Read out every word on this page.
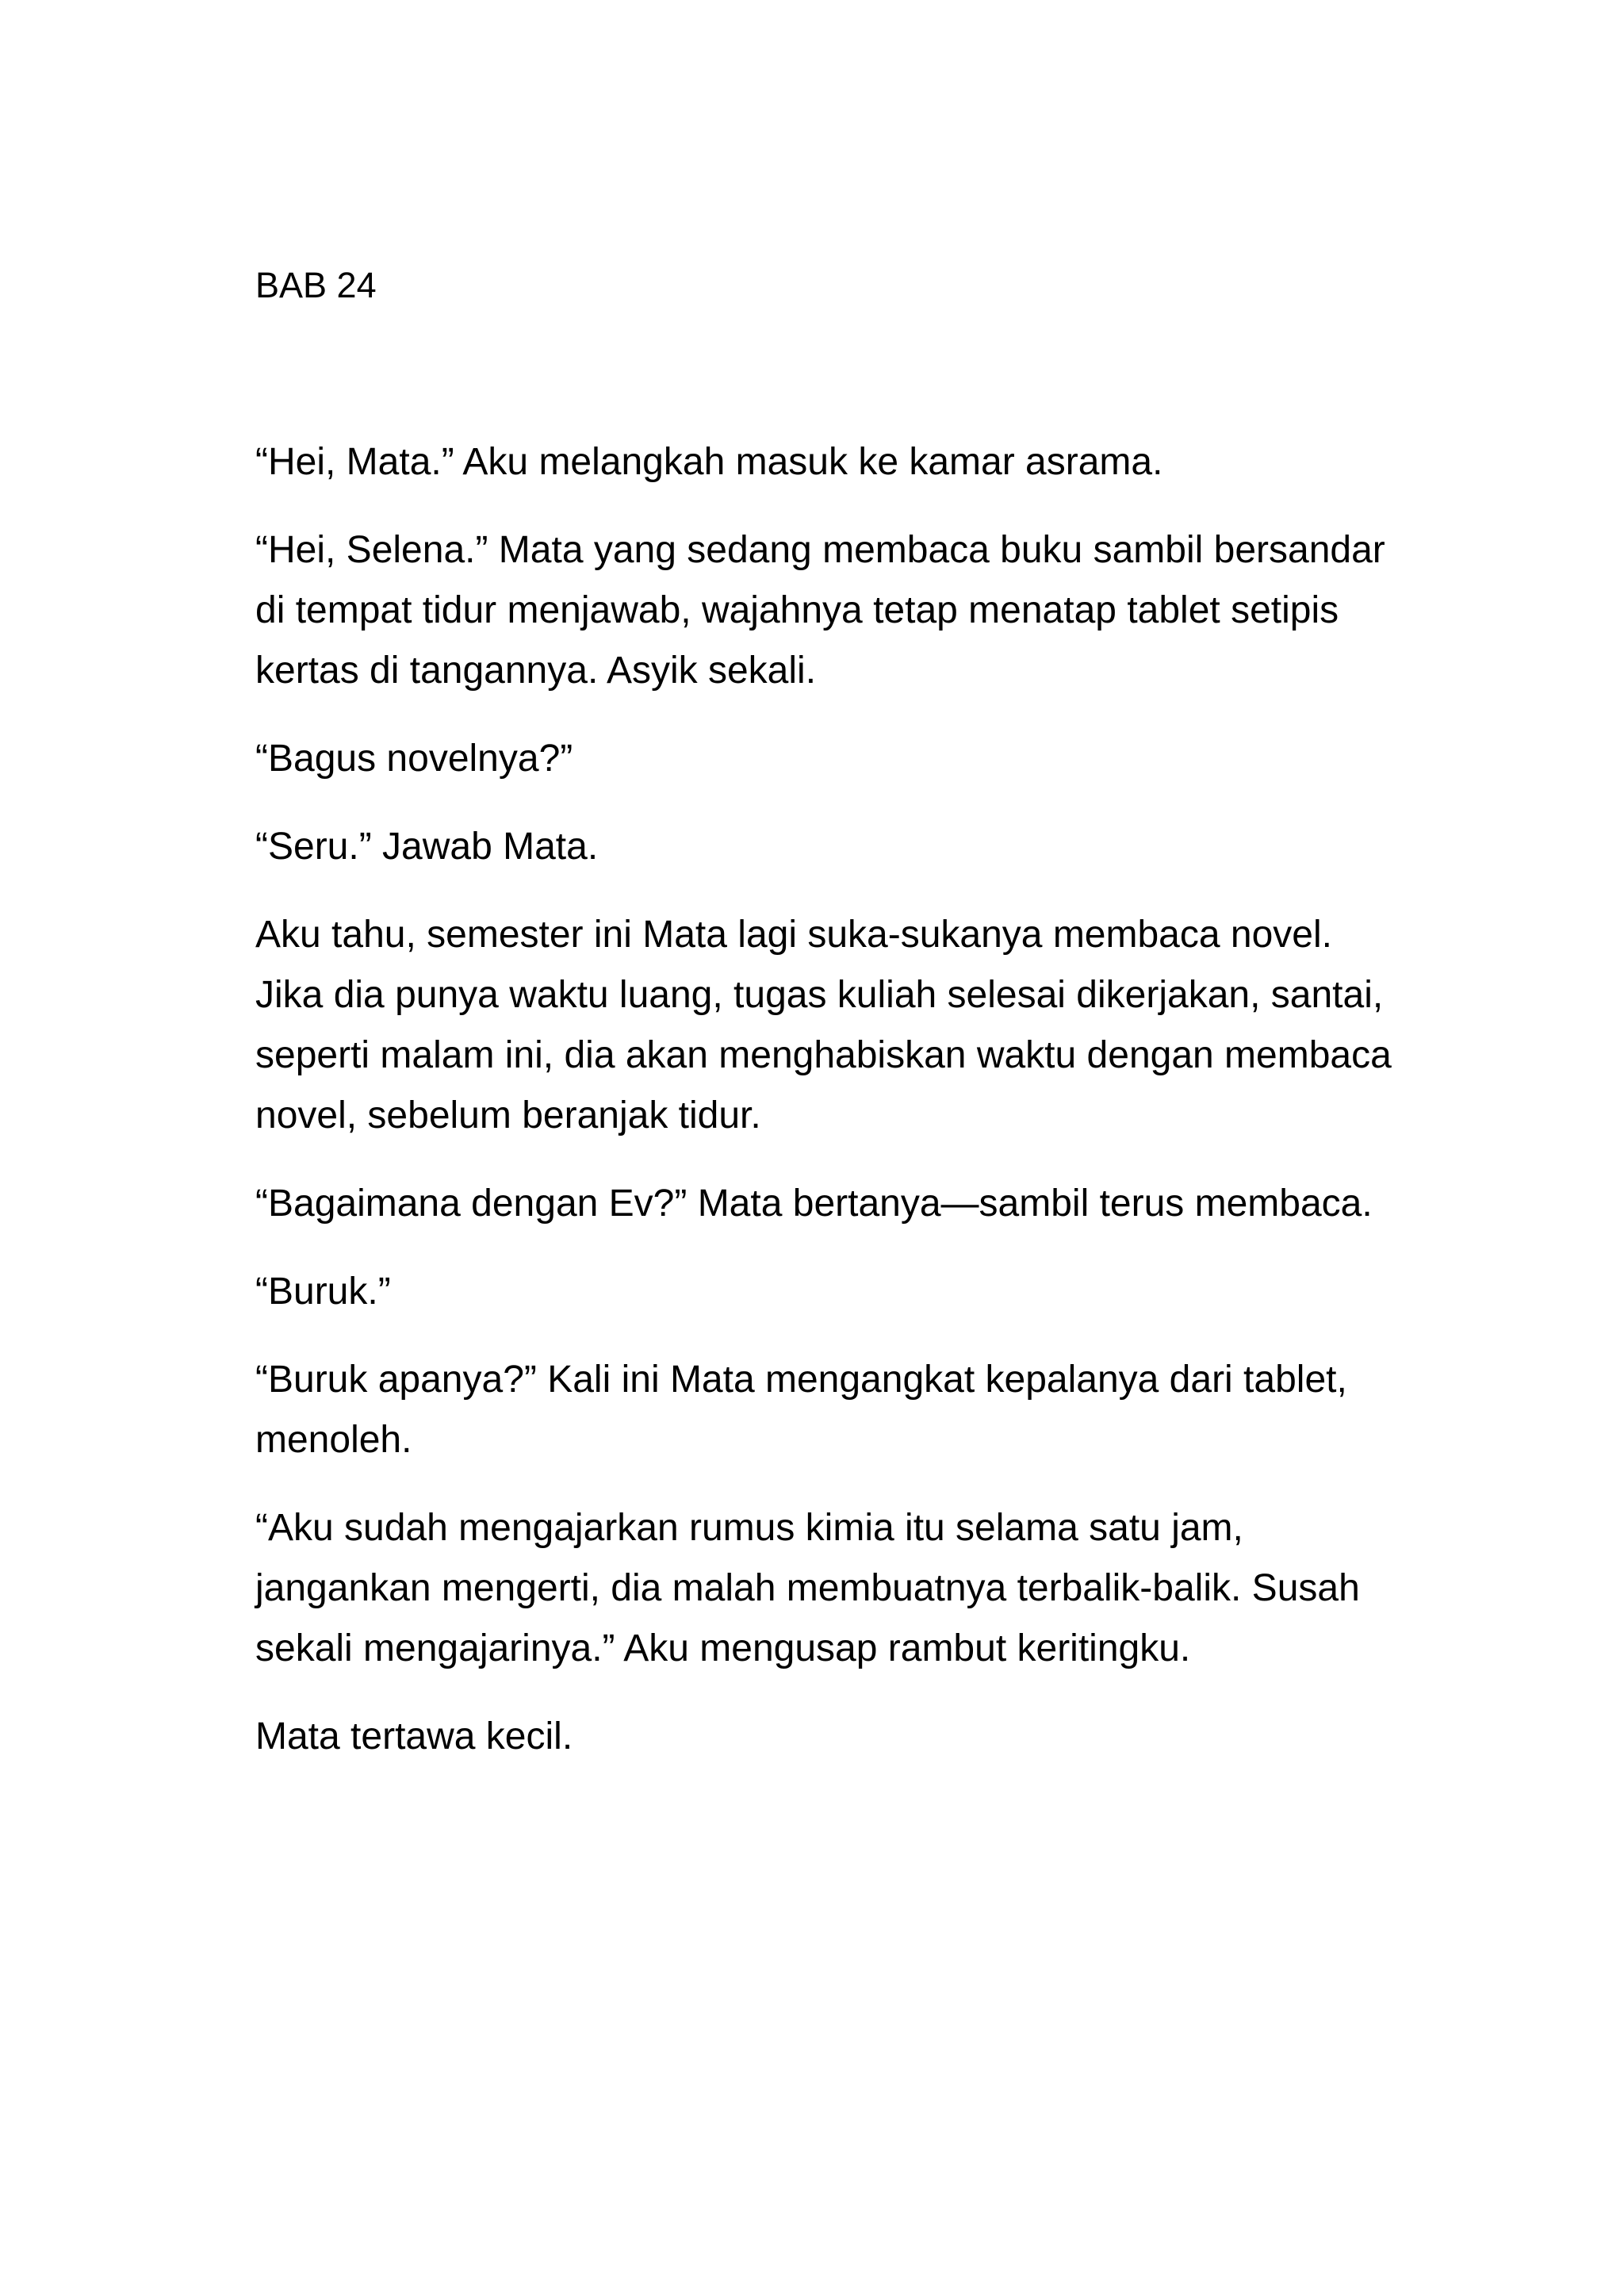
BAB 24

“Hei, Mata.” Aku melangkah masuk ke kamar asrama.

“Hei, Selena.” Mata yang sedang membaca buku sambil bersandar di tempat tidur menjawab, wajahnya tetap menatap tablet setipis kertas di tangannya. Asyik sekali.

“Bagus novelnya?”

“Seru.” Jawab Mata.

Aku tahu, semester ini Mata lagi suka-sukanya membaca novel. Jika dia punya waktu luang, tugas kuliah selesai dikerjakan, santai, seperti malam ini, dia akan menghabiskan waktu dengan membaca novel, sebelum beranjak tidur.

“Bagaimana dengan Ev?” Mata bertanya—sambil terus membaca.

“Buruk.”

“Buruk apanya?” Kali ini Mata mengangkat kepalanya dari tablet, menoleh.

“Aku sudah mengajarkan rumus kimia itu selama satu jam, jangankan mengerti, dia malah membuatnya terbalik-balik. Susah sekali mengajarinya.” Aku mengusap rambut keritingku.

Mata tertawa kecil.
